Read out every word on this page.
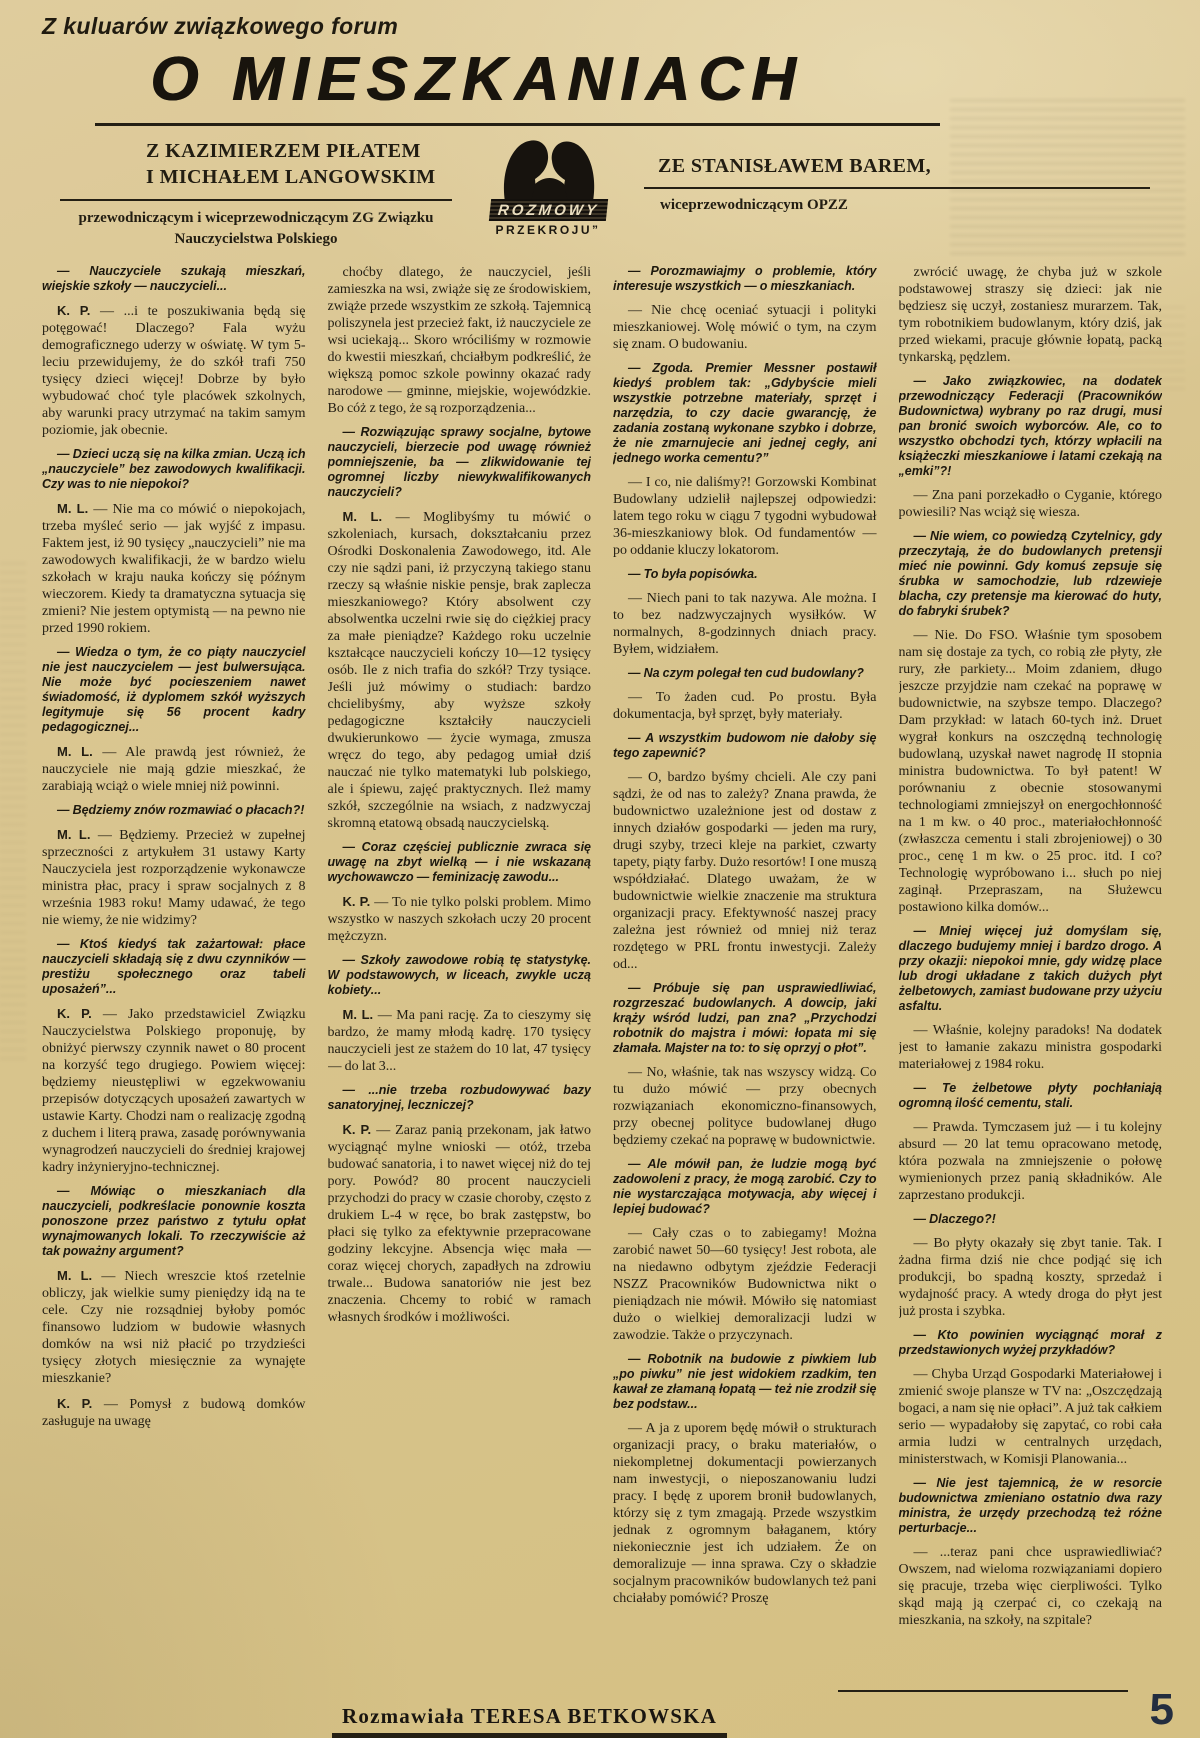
Z kuluarów związkowego forum
O MIESZKANIACH
Z KAZIMIERZEM PIŁATEM
I MICHAŁEM LANGOWSKIM
przewodniczącym i wiceprzewodniczącym ZG Związku Nauczycielstwa Polskiego
ROZMOWY
PRZEKROJU”
ZE STANISŁAWEM BAREM,
wiceprzewodniczącym OPZZ

— Nauczyciele szukają mieszkań, wiejskie szkoły — nauczycieli...

K. P. — ...i te poszukiwania będą się potęgować! Dlaczego? Fala wyżu demograficznego uderzy w oświatę. W tym 5-leciu przewidujemy, że do szkół trafi 750 tysięcy dzieci więcej! Dobrze by było wybudować choć tyle placówek szkolnych, aby warunki pracy utrzymać na takim samym poziomie, jak obecnie.

— Dzieci uczą się na kilka zmian. Uczą ich „nauczyciele” bez zawodowych kwalifikacji. Czy was to nie niepokoi?

M. L. — Nie ma co mówić o niepokojach, trzeba myśleć serio — jak wyjść z impasu. Faktem jest, iż 90 tysięcy „nauczycieli” nie ma zawodowych kwalifikacji, że w bardzo wielu szkołach w kraju nauka kończy się późnym wieczorem. Kiedy ta dramatyczna sytuacja się zmieni? Nie jestem optymistą — na pewno nie przed 1990 rokiem.

— Wiedza o tym, że co piąty nauczyciel nie jest nauczycielem — jest bulwersująca. Nie może być pocieszeniem nawet świadomość, iż dyplomem szkół wyższych legitymuje się 56 procent kadry pedagogicznej...

M. L. — Ale prawdą jest również, że nauczyciele nie mają gdzie mieszkać, że zarabiają wciąż o wiele mniej niż powinni.

— Będziemy znów rozmawiać o płacach?!

M. L. — Będziemy. Przecież w zupełnej sprzeczności z artykułem 31 ustawy Karty Nauczyciela jest rozporządzenie wykonawcze ministra płac, pracy i spraw socjalnych z 8 września 1983 roku! Mamy udawać, że tego nie wiemy, że nie widzimy?

— Ktoś kiedyś tak zażartował: płace nauczycieli składają się z dwu czynników — prestiżu społecznego oraz tabeli uposażeń”...

K. P. — Jako przedstawiciel Związku Nauczycielstwa Polskiego proponuję, by obniżyć pierwszy czynnik nawet o 80 procent na korzyść tego drugiego. Powiem więcej: będziemy nieustępliwi w egzekwowaniu przepisów dotyczących uposażeń zawartych w ustawie Karty. Chodzi nam o realizację zgodną z duchem i literą prawa, zasadę porównywania wynagrodzeń nauczycieli do średniej krajowej kadry inżynieryjno-technicznej.

— Mówiąc o mieszkaniach dla nauczycieli, podkreślacie ponownie koszta ponoszone przez państwo z tytułu opłat wynajmowanych lokali. To rzeczywiście aż tak poważny argument?

M. L. — Niech wreszcie ktoś rzetelnie obliczy, jak wielkie sumy pieniędzy idą na te cele. Czy nie rozsądniej byłoby pomóc finansowo ludziom w budowie własnych domków na wsi niż płacić po trzydzieści tysięcy złotych miesięcznie za wynajęte mieszkanie?

K. P. — Pomysł z budową domków zasługuje na uwagę

choćby dlatego, że nauczyciel, jeśli zamieszka na wsi, zwiąże się ze środowiskiem, zwiąże przede wszystkim ze szkołą. Tajemnicą poliszynela jest przecież fakt, iż nauczyciele ze wsi uciekają... Skoro wróciliśmy w rozmowie do kwestii mieszkań, chciałbym podkreślić, że większą pomoc szkole powinny okazać rady narodowe — gminne, miejskie, wojewódzkie. Bo cóż z tego, że są rozporządzenia...

— Rozwiązując sprawy socjalne, bytowe nauczycieli, bierzecie pod uwagę również pomniejszenie, ba — zlikwidowanie tej ogromnej liczby niewykwalifikowanych nauczycieli?

M. L. — Moglibyśmy tu mówić o szkoleniach, kursach, dokształcaniu przez Ośrodki Doskonalenia Zawodowego, itd. Ale czy nie sądzi pani, iż przyczyną takiego stanu rzeczy są właśnie niskie pensje, brak zaplecza mieszkaniowego? Który absolwent czy absolwentka uczelni rwie się do ciężkiej pracy za małe pieniądze? Każdego roku uczelnie kształcące nauczycieli kończy 10—12 tysięcy osób. Ile z nich trafia do szkół? Trzy tysiące. Jeśli już mówimy o studiach: bardzo chcielibyśmy, aby wyższe szkoły pedagogiczne kształciły nauczycieli dwukierunkowo — życie wymaga, zmusza wręcz do tego, aby pedagog umiał dziś nauczać nie tylko matematyki lub polskiego, ale i śpiewu, zajęć praktycznych. Ileż mamy szkół, szczególnie na wsiach, z nadzwyczaj skromną etatową obsadą nauczycielską.

— Coraz częściej publicznie zwraca się uwagę na zbyt wielką — i nie wskazaną wychowawczo — feminizację zawodu...

K. P. — To nie tylko polski problem. Mimo wszystko w naszych szkołach uczy 20 procent mężczyzn.

— Szkoły zawodowe robią tę statystykę. W podstawowych, w liceach, zwykle uczą kobiety...

M. L. — Ma pani rację. Za to cieszymy się bardzo, że mamy młodą kadrę. 170 tysięcy nauczycieli jest ze stażem do 10 lat, 47 tysięcy — do lat 3...

— ...nie trzeba rozbudowywać bazy sanatoryjnej, leczniczej?

K. P. — Zaraz panią przekonam, jak łatwo wyciągnąć mylne wnioski — otóż, trzeba budować sanatoria, i to nawet więcej niż do tej pory. Powód? 80 procent nauczycieli przychodzi do pracy w czasie choroby, często z drukiem L-4 w ręce, bo brak zastępstw, bo płaci się tylko za efektywnie przepracowane godziny lekcyjne. Absencja więc mała — coraz więcej chorych, zapadłych na zdrowiu trwale... Budowa sanatoriów nie jest bez znaczenia. Chcemy to robić w ramach własnych środków i możliwości.

— Porozmawiajmy o problemie, który interesuje wszystkich — o mieszkaniach.

— Nie chcę oceniać sytuacji i polityki mieszkaniowej. Wolę mówić o tym, na czym się znam. O budowaniu.

— Zgoda. Premier Messner postawił kiedyś problem tak: „Gdybyście mieli wszystkie potrzebne materiały, sprzęt i narzędzia, to czy dacie gwarancję, że zadania zostaną wykonane szybko i dobrze, że nie zmarnujecie ani jednej cegły, ani jednego worka cementu?”

— I co, nie daliśmy?! Gorzowski Kombinat Budowlany udzielił najlepszej odpowiedzi: latem tego roku w ciągu 7 tygodni wybudował 36-mieszkaniowy blok. Od fundamentów — po oddanie kluczy lokatorom.

— To była popisówka.

— Niech pani to tak nazywa. Ale można. I to bez nadzwyczajnych wysiłków. W normalnych, 8-godzinnych dniach pracy. Byłem, widziałem.

— Na czym polegał ten cud budowlany?

— To żaden cud. Po prostu. Była dokumentacja, był sprzęt, były materiały.

— A wszystkim budowom nie dałoby się tego zapewnić?

— O, bardzo byśmy chcieli. Ale czy pani sądzi, że od nas to zależy? Znana prawda, że budownictwo uzależnione jest od dostaw z innych działów gospodarki — jeden ma rury, drugi szyby, trzeci kleje na parkiet, czwarty tapety, piąty farby. Dużo resortów! I one muszą współdziałać. Dlatego uważam, że w budownictwie wielkie znaczenie ma struktura organizacji pracy. Efektywność naszej pracy zależna jest również od mniej niż teraz rozdętego w PRL frontu inwestycji. Zależy od...

— Próbuje się pan usprawiedliwiać, rozgrzeszać budowlanych. A dowcip, jaki krąży wśród ludzi, pan zna? „Przychodzi robotnik do majstra i mówi: łopata mi się złamała. Majster na to: to się oprzyj o płot”.

— No, właśnie, tak nas wszyscy widzą. Co tu dużo mówić — przy obecnych rozwiązaniach ekonomiczno-finansowych, przy obecnej polityce budowlanej długo będziemy czekać na poprawę w budownictwie.

— Ale mówił pan, że ludzie mogą być zadowoleni z pracy, że mogą zarobić. Czy to nie wystarczająca motywacja, aby więcej i lepiej budować?

— Cały czas o to zabiegamy! Można zarobić nawet 50—60 tysięcy! Jest robota, ale na niedawno odbytym zjeździe Federacji NSZZ Pracowników Budownictwa nikt o pieniądzach nie mówił. Mówiło się natomiast dużo o wielkiej demoralizacji ludzi w zawodzie. Także o przyczynach.

— Robotnik na budowie z piwkiem lub „po piwku” nie jest widokiem rzadkim, ten kawał ze złamaną łopatą — też nie zrodził się bez podstaw...

— A ja z uporem będę mówił o strukturach organizacji pracy, o braku materiałów, o niekompletnej dokumentacji powierzanych nam inwestycji, o nieposzanowaniu ludzi pracy. I będę z uporem bronił budowlanych, którzy się z tym zmagają. Przede wszystkim jednak z ogromnym bałaganem, który niekoniecznie jest ich udziałem. Że on demoralizuje — inna sprawa. Czy o składzie socjalnym pracowników budowlanych też pani chciałaby pomówić? Proszę

zwrócić uwagę, że chyba już w szkole podstawowej straszy się dzieci: jak nie będziesz się uczył, zostaniesz murarzem. Tak, tym robotnikiem budowlanym, który dziś, jak przed wiekami, pracuje głównie łopatą, packą tynkarską, pędzlem.

— Jako związkowiec, na dodatek przewodniczący Federacji (Pracowników Budownictwa) wybrany po raz drugi, musi pan bronić swoich wyborców. Ale, co to wszystko obchodzi tych, którzy wpłacili na książeczki mieszkaniowe i latami czekają na „emki”?!

— Zna pani porzekadło o Cyganie, którego powiesili? Nas wciąż się wiesza.

— Nie wiem, co powiedzą Czytelnicy, gdy przeczytają, że do budowlanych pretensji mieć nie powinni. Gdy komuś zepsuje się śrubka w samochodzie, lub rdzewieje blacha, czy pretensje ma kierować do huty, do fabryki śrubek?

— Nie. Do FSO. Właśnie tym sposobem nam się dostaje za tych, co robią złe płyty, złe rury, złe parkiety... Moim zdaniem, długo jeszcze przyjdzie nam czekać na poprawę w budownictwie, na szybsze tempo. Dlaczego? Dam przykład: w latach 60-tych inż. Druet wygrał konkurs na oszczędną technologię budowlaną, uzyskał nawet nagrodę II stopnia ministra budownictwa. To był patent! W porównaniu z obecnie stosowanymi technologiami zmniejszył on energochłonność na 1 m kw. o 40 proc., materiałochłonność (zwłaszcza cementu i stali zbrojeniowej) o 30 proc., cenę 1 m kw. o 25 proc. itd. I co? Technologię wypróbowano i... słuch po niej zaginął. Przepraszam, na Służewcu postawiono kilka domów...

— Mniej więcej już domyślam się, dlaczego budujemy mniej i bardzo drogo. A przy okazji: niepokoi mnie, gdy widzę place lub drogi układane z takich dużych płyt żelbetowych, zamiast budowane przy użyciu asfaltu.

— Właśnie, kolejny paradoks! Na dodatek jest to łamanie zakazu ministra gospodarki materiałowej z 1984 roku.

— Te żelbetowe płyty pochłaniają ogromną ilość cementu, stali.

— Prawda. Tymczasem już — i tu kolejny absurd — 20 lat temu opracowano metodę, która pozwala na zmniejszenie o połowę wymienionych przez panią składników. Ale zaprzestano produkcji.

— Dlaczego?!

— Bo płyty okazały się zbyt tanie. Tak. I żadna firma dziś nie chce podjąć się ich produkcji, bo spadną koszty, sprzedaż i wydajność pracy. A wtedy droga do płyt jest już prosta i szybka.

— Kto powinien wyciągnąć morał z przedstawionych wyżej przykładów?

— Chyba Urząd Gospodarki Materiałowej i zmienić swoje plansze w TV na: „Oszczędzają bogaci, a nam się nie opłaci”. A już tak całkiem serio — wypadałoby się zapytać, co robi cała armia ludzi w centralnych urzędach, ministerstwach, w Komisji Planowania...

— Nie jest tajemnicą, że w resorcie budownictwa zmieniano ostatnio dwa razy ministra, że urzędy przechodzą też różne perturbacje...

— ...teraz pani chce usprawiedliwiać? Owszem, nad wieloma rozwiązaniami dopiero się pracuje, trzeba więc cierpliwości. Tylko skąd mają ją czerpać ci, co czekają na mieszkania, na szkoły, na szpitale?

5
Rozmawiała TERESA BETKOWSKA
